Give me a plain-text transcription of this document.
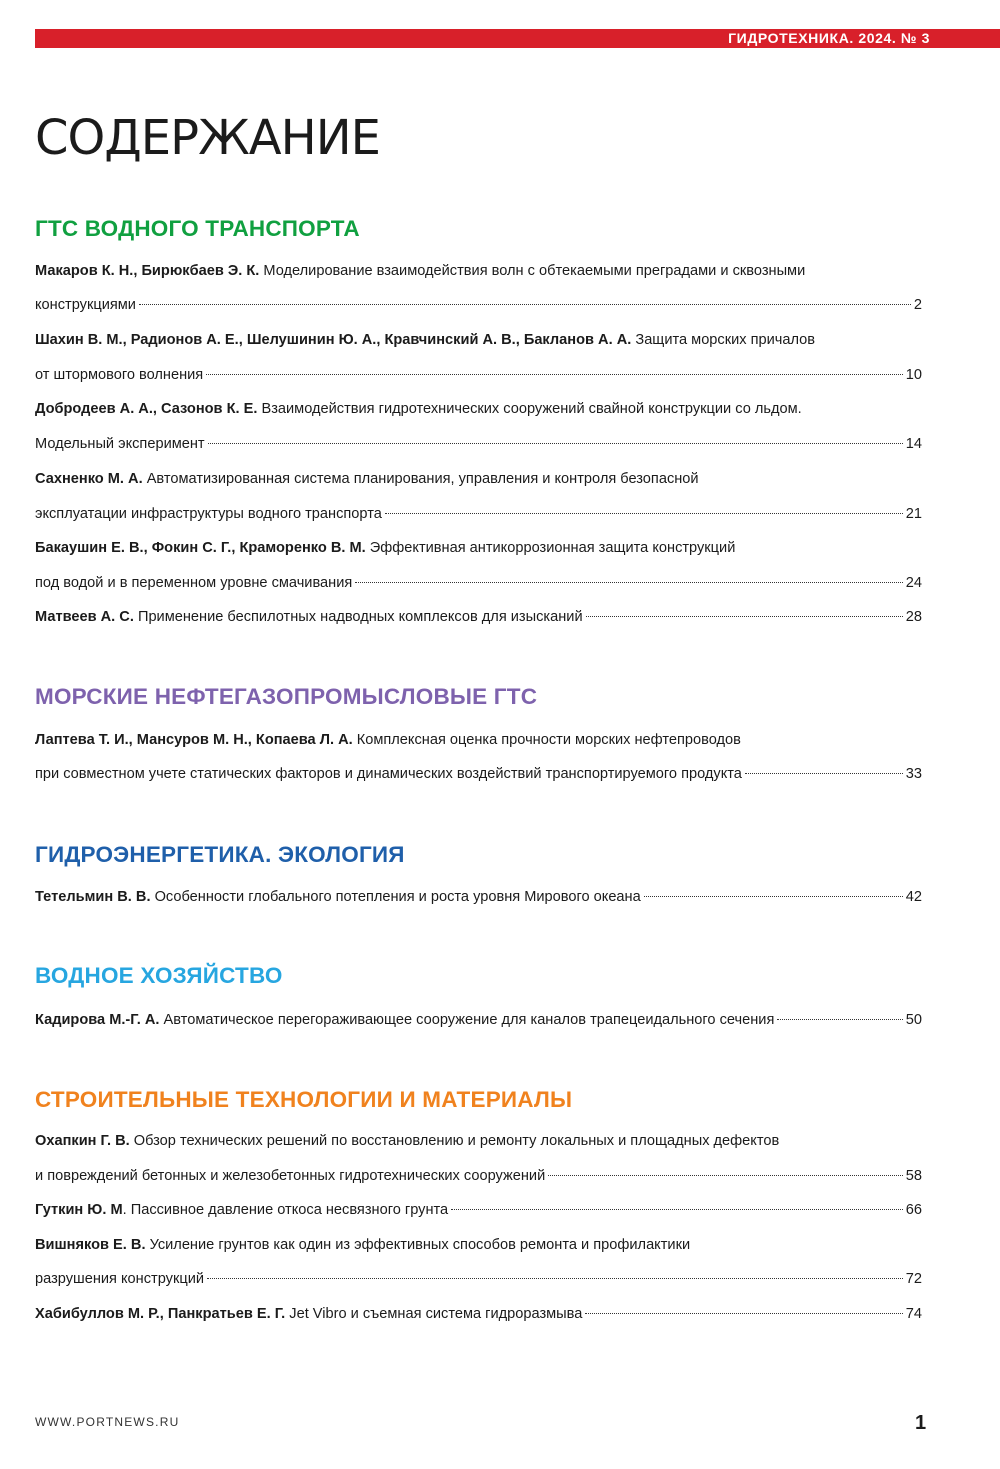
ГИДРОТЕХНИКА. 2024. № 3
СОДЕРЖАНИЕ
ГТС ВОДНОГО ТРАНСПОРТА
Макаров К. Н., Бирюкбаев Э. К. Моделирование взаимодействия волн с обтекаемыми преградами и сквозными
конструкциями	2
Шахин В. М., Радионов А. Е., Шелушинин Ю. А., Кравчинский А. В., Бакланов А. А. Защита морских причалов
от штормового волнения	10
Добродеев А. А., Сазонов К. Е. Взаимодействия гидротехнических сооружений свайной конструкции со льдом.
Модельный эксперимент	14
Сахненко М. А. Автоматизированная система планирования, управления и контроля безопасной
эксплуатации инфраструктуры водного транспорта	21
Бакаушин Е. В., Фокин С. Г., Краморенко В. М. Эффективная антикоррозионная защита конструкций
под водой и в переменном уровне смачивания	24
Матвеев А. С. Применение беспилотных надводных комплексов для изысканий	28
МОРСКИЕ НЕФТЕГАЗОПРОМЫСЛОВЫЕ ГТС
Лаптева Т. И., Мансуров М. Н., Копаева Л. А. Комплексная оценка прочности морских нефтепроводов
при совместном учете статических факторов и динамических воздействий транспортируемого продукта	33
ГИДРОЭНЕРГЕТИКА. ЭКОЛОГИЯ
Тетельмин В. В. Особенности глобального потепления и роста уровня Мирового океана	42
ВОДНОЕ ХОЗЯЙСТВО
Кадирова М.-Г. А. Автоматическое перегораживающее сооружение для каналов трапецеидального сечения	50
СТРОИТЕЛЬНЫЕ ТЕХНОЛОГИИ И МАТЕРИАЛЫ
Охапкин Г. В. Обзор технических решений по восстановлению и ремонту локальных и площадных дефектов
и повреждений бетонных и железобетонных гидротехнических сооружений	58
Гуткин Ю. М. Пассивное давление откоса несвязного грунта	66
Вишняков Е. В. Усиление грунтов как один из эффективных способов ремонта и профилактики
разрушения конструкций	72
Хабибуллов М. Р., Панкратьев Е. Г. Jet Vibro и съемная система гидроразмыва	74
WWW.PORTNEWS.RU	1
